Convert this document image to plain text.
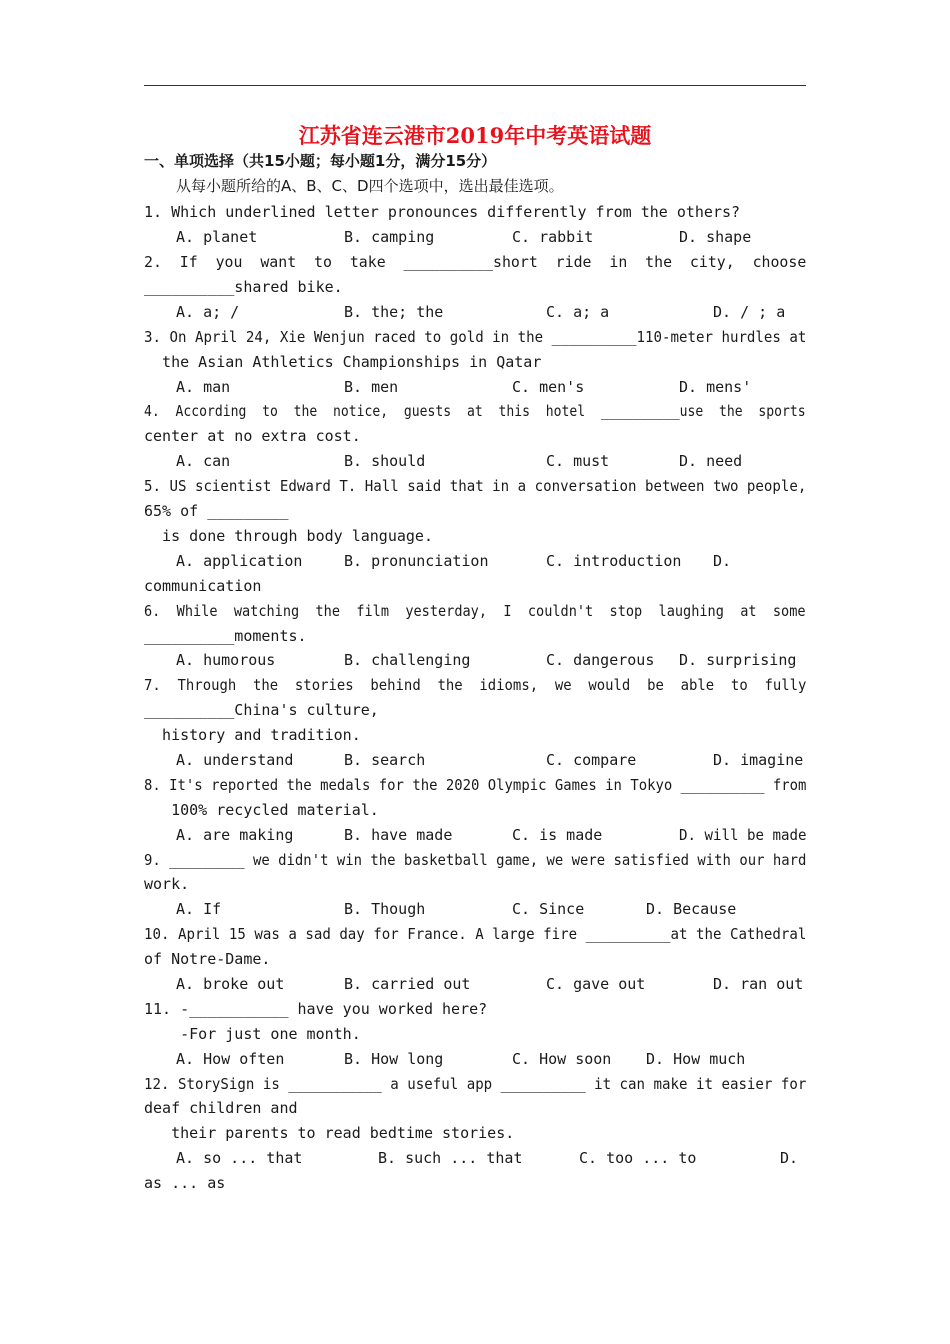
江苏省连云港市2019年中考英语试题
一、单项选择（共15小题；每小题1分，满分15分）
从每小题所给的A、B、C、D四个选项中，选出最佳选项。
1. Which underlined letter pronounces differently from the others?
A. planet	B. camping	C. rabbit	D. shape
2.  If  you  want  to  take  __________short  ride  in  the  city,  choose
__________shared bike.
A. a; /	B. the; the	C. a; a	D. / ; a
3. On April 24, Xie Wenjun raced to gold in the __________110-meter hurdles at
the Asian Athletics Championships in Qatar
A. man	B. men	C. men's	D. mens'
4.  According  to  the  notice,  guests  at  this  hotel  __________use  the  sports
center at no extra cost.
A. can	B. should	C. must	D. need
5. US scientist Edward T. Hall said that in a conversation between two people,
65% of _________
is done through body language.
A. application	B. pronunciation	C. introduction D.
communication
6.  While  watching  the  film  yesterday,  I  couldn't  stop  laughing  at  some
__________moments.
A. humorous	B. challenging	C. dangerous D. surprising
7.  Through  the  stories  behind  the  idioms,  we  would  be  able  to  fully
__________China's culture,
history and tradition.
A. understand	B. search	C. compare	D. imagine
8. It's reported the medals for the 2020 Olympic Games in Tokyo __________ from
100% recycled material.
A. are making	B. have made	C. is made	D. will be made
9. _________ we didn't win the basketball game, we were satisfied with our hard
work.
A. If	B. Though	C. Since	D. Because
10. April 15 was a sad day for France. A large fire __________at the Cathedral
of Notre-Dame.
A. broke out	B. carried out	C. gave out	D. ran out
11. -___________ have you worked here?
-For just one month.
A. How often	B. How long	C. How soon D. How much
12. StorySign is ___________ a useful app __________ it can make it easier for
deaf children and
their parents to read bedtime stories.
A. so ... that	B. such ... that	C. too ... to	D.
as ... as
